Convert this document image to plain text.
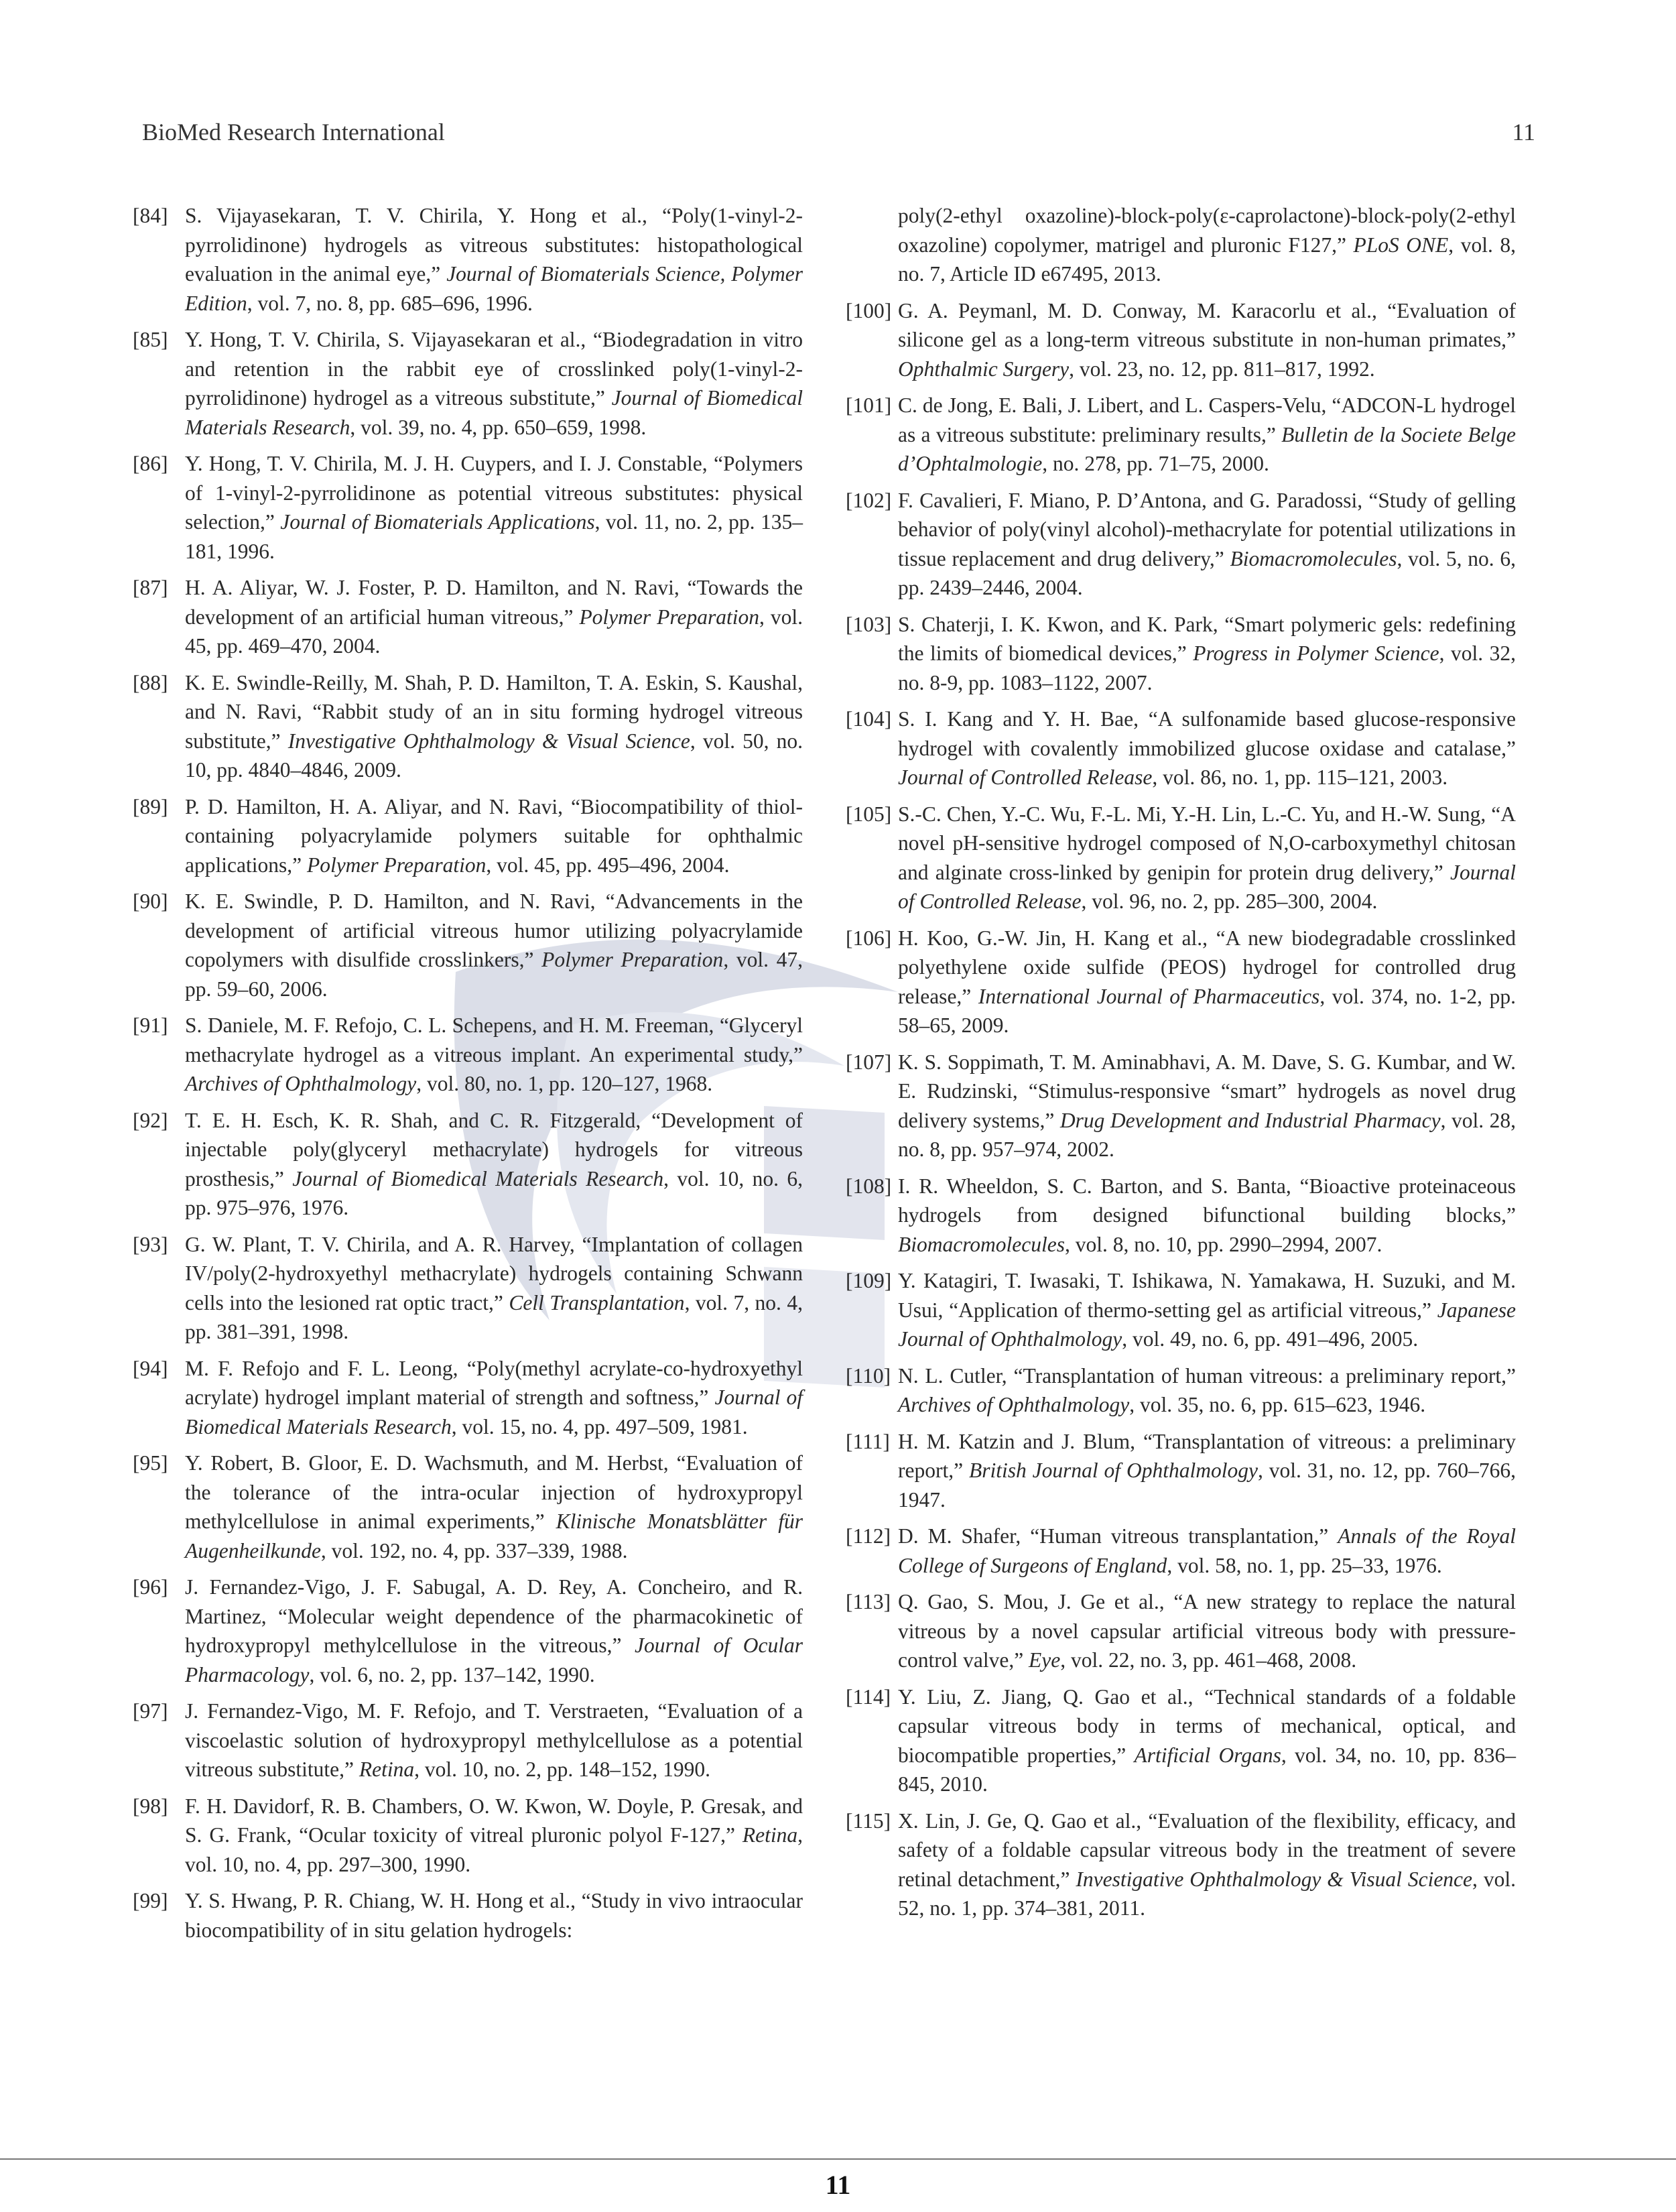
BioMed Research International	11
[84] S. Vijayasekaran, T. V. Chirila, Y. Hong et al., “Poly(1-vinyl-2-pyrrolidinone) hydrogels as vitreous substitutes: histopathological evaluation in the animal eye,” Journal of Biomaterials Science, Polymer Edition, vol. 7, no. 8, pp. 685–696, 1996.
[85] Y. Hong, T. V. Chirila, S. Vijayasekaran et al., “Biodegradation in vitro and retention in the rabbit eye of crosslinked poly(1-vinyl-2-pyrrolidinone) hydrogel as a vitreous substitute,” Journal of Biomedical Materials Research, vol. 39, no. 4, pp. 650–659, 1998.
[86] Y. Hong, T. V. Chirila, M. J. H. Cuypers, and I. J. Constable, “Polymers of 1-vinyl-2-pyrrolidinone as potential vitreous substitutes: physical selection,” Journal of Biomaterials Applications, vol. 11, no. 2, pp. 135–181, 1996.
[87] H. A. Aliyar, W. J. Foster, P. D. Hamilton, and N. Ravi, “Towards the development of an artificial human vitreous,” Polymer Preparation, vol. 45, pp. 469–470, 2004.
[88] K. E. Swindle-Reilly, M. Shah, P. D. Hamilton, T. A. Eskin, S. Kaushal, and N. Ravi, “Rabbit study of an in situ forming hydrogel vitreous substitute,” Investigative Ophthalmology & Visual Science, vol. 50, no. 10, pp. 4840–4846, 2009.
[89] P. D. Hamilton, H. A. Aliyar, and N. Ravi, “Biocompatibility of thiol-containing polyacrylamide polymers suitable for ophthalmic applications,” Polymer Preparation, vol. 45, pp. 495–496, 2004.
[90] K. E. Swindle, P. D. Hamilton, and N. Ravi, “Advancements in the development of artificial vitreous humor utilizing polyacrylamide copolymers with disulfide crosslinkers,” Polymer Preparation, vol. 47, pp. 59–60, 2006.
[91] S. Daniele, M. F. Refojo, C. L. Schepens, and H. M. Freeman, “Glyceryl methacrylate hydrogel as a vitreous implant. An experimental study,” Archives of Ophthalmology, vol. 80, no. 1, pp. 120–127, 1968.
[92] T. E. H. Esch, K. R. Shah, and C. R. Fitzgerald, “Development of injectable poly(glyceryl methacrylate) hydrogels for vitreous prosthesis,” Journal of Biomedical Materials Research, vol. 10, no. 6, pp. 975–976, 1976.
[93] G. W. Plant, T. V. Chirila, and A. R. Harvey, “Implantation of collagen IV/poly(2-hydroxyethyl methacrylate) hydrogels containing Schwann cells into the lesioned rat optic tract,” Cell Transplantation, vol. 7, no. 4, pp. 381–391, 1998.
[94] M. F. Refojo and F. L. Leong, “Poly(methyl acrylate-co-hydroxyethyl acrylate) hydrogel implant material of strength and softness,” Journal of Biomedical Materials Research, vol. 15, no. 4, pp. 497–509, 1981.
[95] Y. Robert, B. Gloor, E. D. Wachsmuth, and M. Herbst, “Evaluation of the tolerance of the intra-ocular injection of hydroxypropyl methylcellulose in animal experiments,” Klinische Monatsblätter für Augenheilkunde, vol. 192, no. 4, pp. 337–339, 1988.
[96] J. Fernandez-Vigo, J. F. Sabugal, A. D. Rey, A. Concheiro, and R. Martinez, “Molecular weight dependence of the pharmacokinetic of hydroxypropyl methylcellulose in the vitreous,” Journal of Ocular Pharmacology, vol. 6, no. 2, pp. 137–142, 1990.
[97] J. Fernandez-Vigo, M. F. Refojo, and T. Verstraeten, “Evaluation of a viscoelastic solution of hydroxypropyl methylcellulose as a potential vitreous substitute,” Retina, vol. 10, no. 2, pp. 148–152, 1990.
[98] F. H. Davidorf, R. B. Chambers, O. W. Kwon, W. Doyle, P. Gresak, and S. G. Frank, “Ocular toxicity of vitreal pluronic polyol F-127,” Retina, vol. 10, no. 4, pp. 297–300, 1990.
[99] Y. S. Hwang, P. R. Chiang, W. H. Hong et al., “Study in vivo intraocular biocompatibility of in situ gelation hydrogels:
poly(2-ethyl oxazoline)-block-poly(ε-caprolactone)-block-poly(2-ethyl oxazoline) copolymer, matrigel and pluronic F127,” PLoS ONE, vol. 8, no. 7, Article ID e67495, 2013.
[100] G. A. Peymanl, M. D. Conway, M. Karacorlu et al., “Evaluation of silicone gel as a long-term vitreous substitute in non-human primates,” Ophthalmic Surgery, vol. 23, no. 12, pp. 811–817, 1992.
[101] C. de Jong, E. Bali, J. Libert, and L. Caspers-Velu, “ADCON-L hydrogel as a vitreous substitute: preliminary results,” Bulletin de la Societe Belge d’Ophtalmologie, no. 278, pp. 71–75, 2000.
[102] F. Cavalieri, F. Miano, P. D’Antona, and G. Paradossi, “Study of gelling behavior of poly(vinyl alcohol)-methacrylate for potential utilizations in tissue replacement and drug delivery,” Biomacromolecules, vol. 5, no. 6, pp. 2439–2446, 2004.
[103] S. Chaterji, I. K. Kwon, and K. Park, “Smart polymeric gels: redefining the limits of biomedical devices,” Progress in Polymer Science, vol. 32, no. 8-9, pp. 1083–1122, 2007.
[104] S. I. Kang and Y. H. Bae, “A sulfonamide based glucose-responsive hydrogel with covalently immobilized glucose oxidase and catalase,” Journal of Controlled Release, vol. 86, no. 1, pp. 115–121, 2003.
[105] S.-C. Chen, Y.-C. Wu, F.-L. Mi, Y.-H. Lin, L.-C. Yu, and H.-W. Sung, “A novel pH-sensitive hydrogel composed of N,O-carboxymethyl chitosan and alginate cross-linked by genipin for protein drug delivery,” Journal of Controlled Release, vol. 96, no. 2, pp. 285–300, 2004.
[106] H. Koo, G.-W. Jin, H. Kang et al., “A new biodegradable crosslinked polyethylene oxide sulfide (PEOS) hydrogel for controlled drug release,” International Journal of Pharmaceutics, vol. 374, no. 1-2, pp. 58–65, 2009.
[107] K. S. Soppimath, T. M. Aminabhavi, A. M. Dave, S. G. Kumbar, and W. E. Rudzinski, “Stimulus-responsive “smart” hydrogels as novel drug delivery systems,” Drug Development and Industrial Pharmacy, vol. 28, no. 8, pp. 957–974, 2002.
[108] I. R. Wheeldon, S. C. Barton, and S. Banta, “Bioactive proteinaceous hydrogels from designed bifunctional building blocks,” Biomacromolecules, vol. 8, no. 10, pp. 2990–2994, 2007.
[109] Y. Katagiri, T. Iwasaki, T. Ishikawa, N. Yamakawa, H. Suzuki, and M. Usui, “Application of thermo-setting gel as artificial vitreous,” Japanese Journal of Ophthalmology, vol. 49, no. 6, pp. 491–496, 2005.
[110] N. L. Cutler, “Transplantation of human vitreous: a preliminary report,” Archives of Ophthalmology, vol. 35, no. 6, pp. 615–623, 1946.
[111] H. M. Katzin and J. Blum, “Transplantation of vitreous: a preliminary report,” British Journal of Ophthalmology, vol. 31, no. 12, pp. 760–766, 1947.
[112] D. M. Shafer, “Human vitreous transplantation,” Annals of the Royal College of Surgeons of England, vol. 58, no. 1, pp. 25–33, 1976.
[113] Q. Gao, S. Mou, J. Ge et al., “A new strategy to replace the natural vitreous by a novel capsular artificial vitreous body with pressure-control valve,” Eye, vol. 22, no. 3, pp. 461–468, 2008.
[114] Y. Liu, Z. Jiang, Q. Gao et al., “Technical standards of a foldable capsular vitreous body in terms of mechanical, optical, and biocompatible properties,” Artificial Organs, vol. 34, no. 10, pp. 836–845, 2010.
[115] X. Lin, J. Ge, Q. Gao et al., “Evaluation of the flexibility, efficacy, and safety of a foldable capsular vitreous body in the treatment of severe retinal detachment,” Investigative Ophthalmology & Visual Science, vol. 52, no. 1, pp. 374–381, 2011.
11
